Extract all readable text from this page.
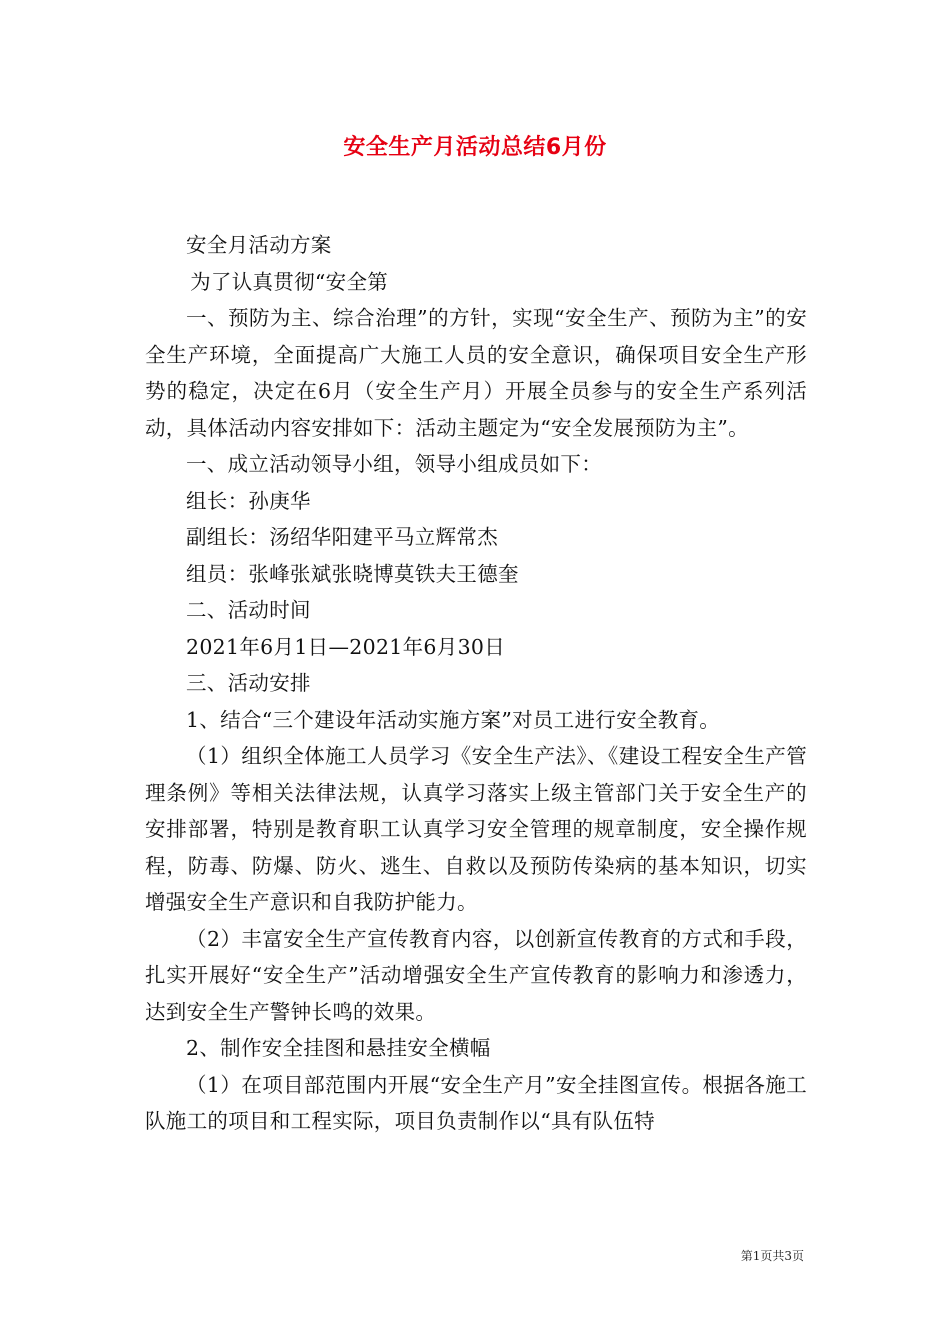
安全生产月活动总结6月份

安全月活动方案

为了认真贯彻“安全第

一、预防为主、综合治理”的方针，实现“安全生产、预防为主”的安全生产环境，全面提高广大施工人员的安全意识，确保项目安全生产形势的稳定，决定在6月（安全生产月）开展全员参与的安全生产系列活动，具体活动内容安排如下：活动主题定为“安全发展预防为主”。

一、成立活动领导小组，领导小组成员如下：

组长：孙庚华

副组长：汤绍华阳建平马立辉常杰

组员：张峰张斌张晓博莫铁夫王德奎

二、活动时间

2021年6月1日—2021年6月30日

三、活动安排

1、结合“三个建设年活动实施方案”对员工进行安全教育。

（1）组织全体施工人员学习《安全生产法》、《建设工程安全生产管理条例》等相关法律法规，认真学习落实上级主管部门关于安全生产的安排部署，特别是教育职工认真学习安全管理的规章制度，安全操作规程，防毒、防爆、防火、逃生、自救以及预防传染病的基本知识，切实增强安全生产意识和自我防护能力。

（2）丰富安全生产宣传教育内容，以创新宣传教育的方式和手段，扎实开展好“安全生产”活动增强安全生产宣传教育的影响力和渗透力，达到安全生产警钟长鸣的效果。

2、制作安全挂图和悬挂安全横幅

（1）在项目部范围内开展“安全生产月”安全挂图宣传。根据各施工队施工的项目和工程实际，项目负责制作以“具有队伍特

第1页共3页
